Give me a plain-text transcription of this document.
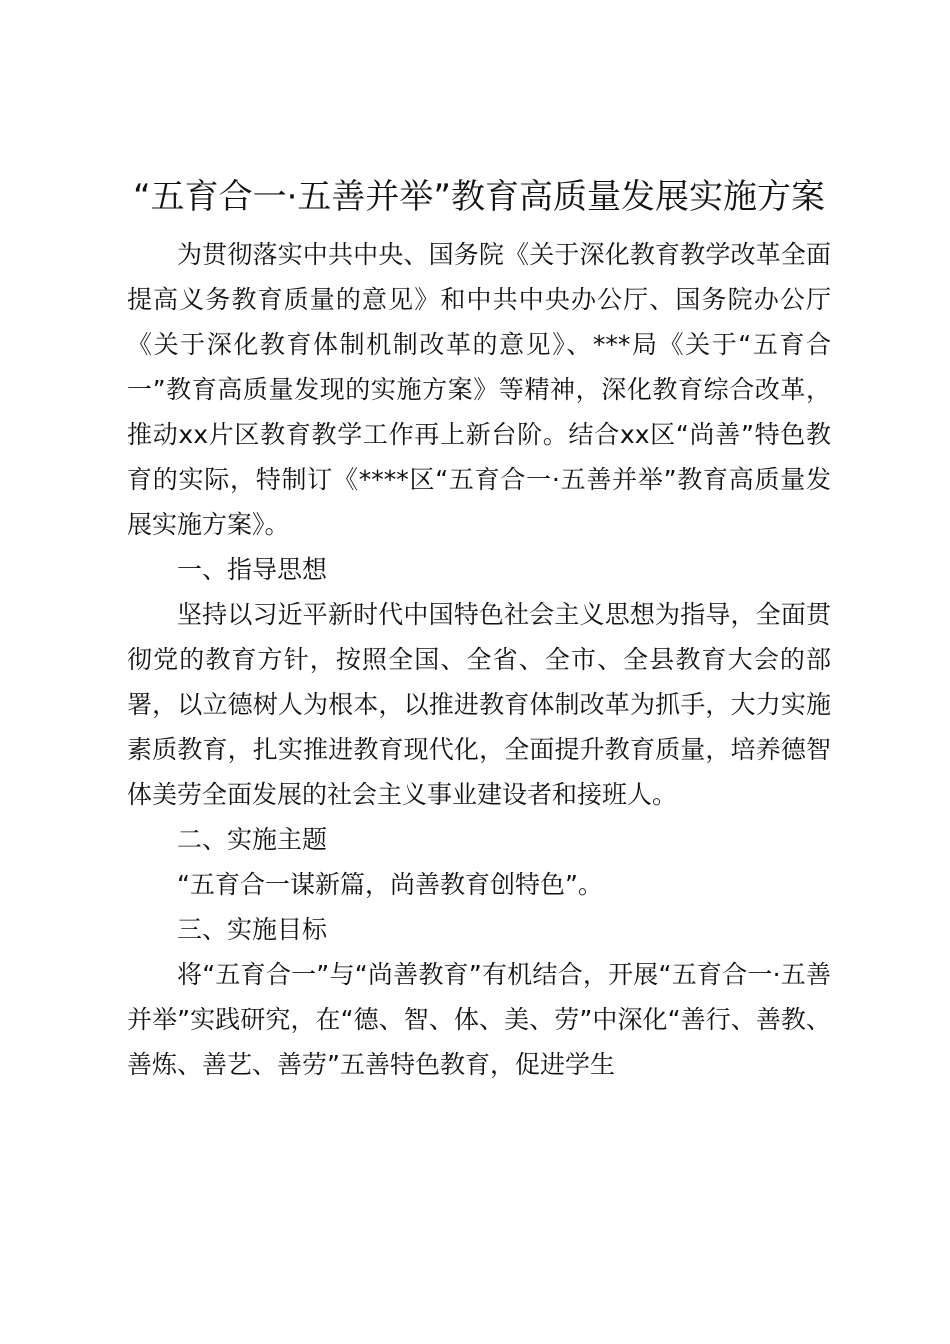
“五育合一·五善并举”教育高质量发展实施方案

为贯彻落实中共中央、国务院《关于深化教育教学改革全面提高义务教育质量的意见》和中共中央办公厅、国务院办公厅《关于深化教育体制机制改革的意见》、***局《关于“五育合一”教育高质量发现的实施方案》等精神，深化教育综合改革，推动xx片区教育教学工作再上新台阶。结合xx区“尚善”特色教育的实际，特制订《****区“五育合一·五善并举”教育高质量发展实施方案》。

一、指导思想

坚持以习近平新时代中国特色社会主义思想为指导，全面贯彻党的教育方针，按照全国、全省、全市、全县教育大会的部署，以立德树人为根本，以推进教育体制改革为抓手，大力实施素质教育，扎实推进教育现代化，全面提升教育质量，培养德智体美劳全面发展的社会主义事业建设者和接班人。

二、实施主题

“五育合一谋新篇，尚善教育创特色”。

三、实施目标

将“五育合一”与“尚善教育”有机结合，开展“五育合一·五善并举”实践研究，在“德、智、体、美、劳”中深化“善行、善教、善炼、善艺、善劳”五善特色教育，促进学生
